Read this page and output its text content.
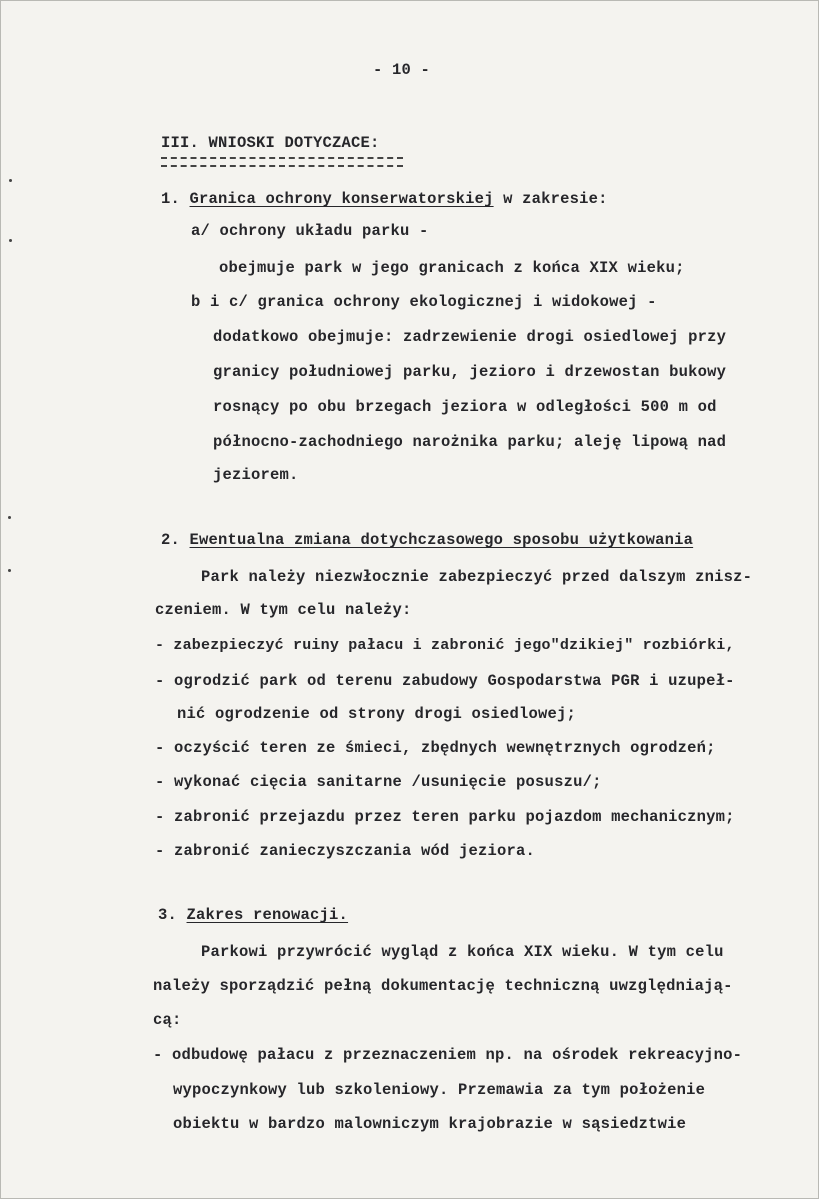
- 10 -
III. WNIOSKI DOTYCZACE:
1. Granica ochrony konserwatorskiej w zakresie:
a/ ochrony układu parku -
obejmuje park w jego granicach z końca XIX wieku;
b i c/ granica ochrony ekologicznej i widokowej -
dodatkowo obejmuje: zadrzewienie drogi osiedlowej przy
granicy południowej parku, jezioro i drzewostan bukowy
rosnący po obu brzegach jeziora w odległości 500 m od
północno-zachodniego narożnika parku; aleję lipową nad
jeziorem.
2. Ewentualna zmiana dotychczasowego sposobu użytkowania
Park należy niezwłocznie zabezpieczyć przed dalszym znisz-
czeniem. W tym celu należy:
- zabezpieczyć ruiny pałacu i zabronić jego"dzikiej" rozbiórki,
- ogrodzić park od terenu zabudowy Gospodarstwa PGR i uzupeł-
nić ogrodzenie od strony drogi osiedlowej;
- oczyścić teren ze śmieci, zbędnych wewnętrznych ogrodzeń;
- wykonać cięcia sanitarne /usunięcie posuszu/;
- zabronić przejazdu przez teren parku pojazdom mechanicznym;
- zabronić zanieczyszczania wód jeziora.
3. Zakres renowacji.
Parkowi przywrócić wygląd z końca XIX wieku. W tym celu
należy sporządzić pełną dokumentację techniczną uwzględniają-
cą:
- odbudowę pałacu z przeznaczeniem np. na ośrodek rekreacyjno-
wypoczynkowy lub szkoleniowy. Przemawia za tym położenie
obiektu w bardzo malowniczym krajobrazie w sąsiedztwie
